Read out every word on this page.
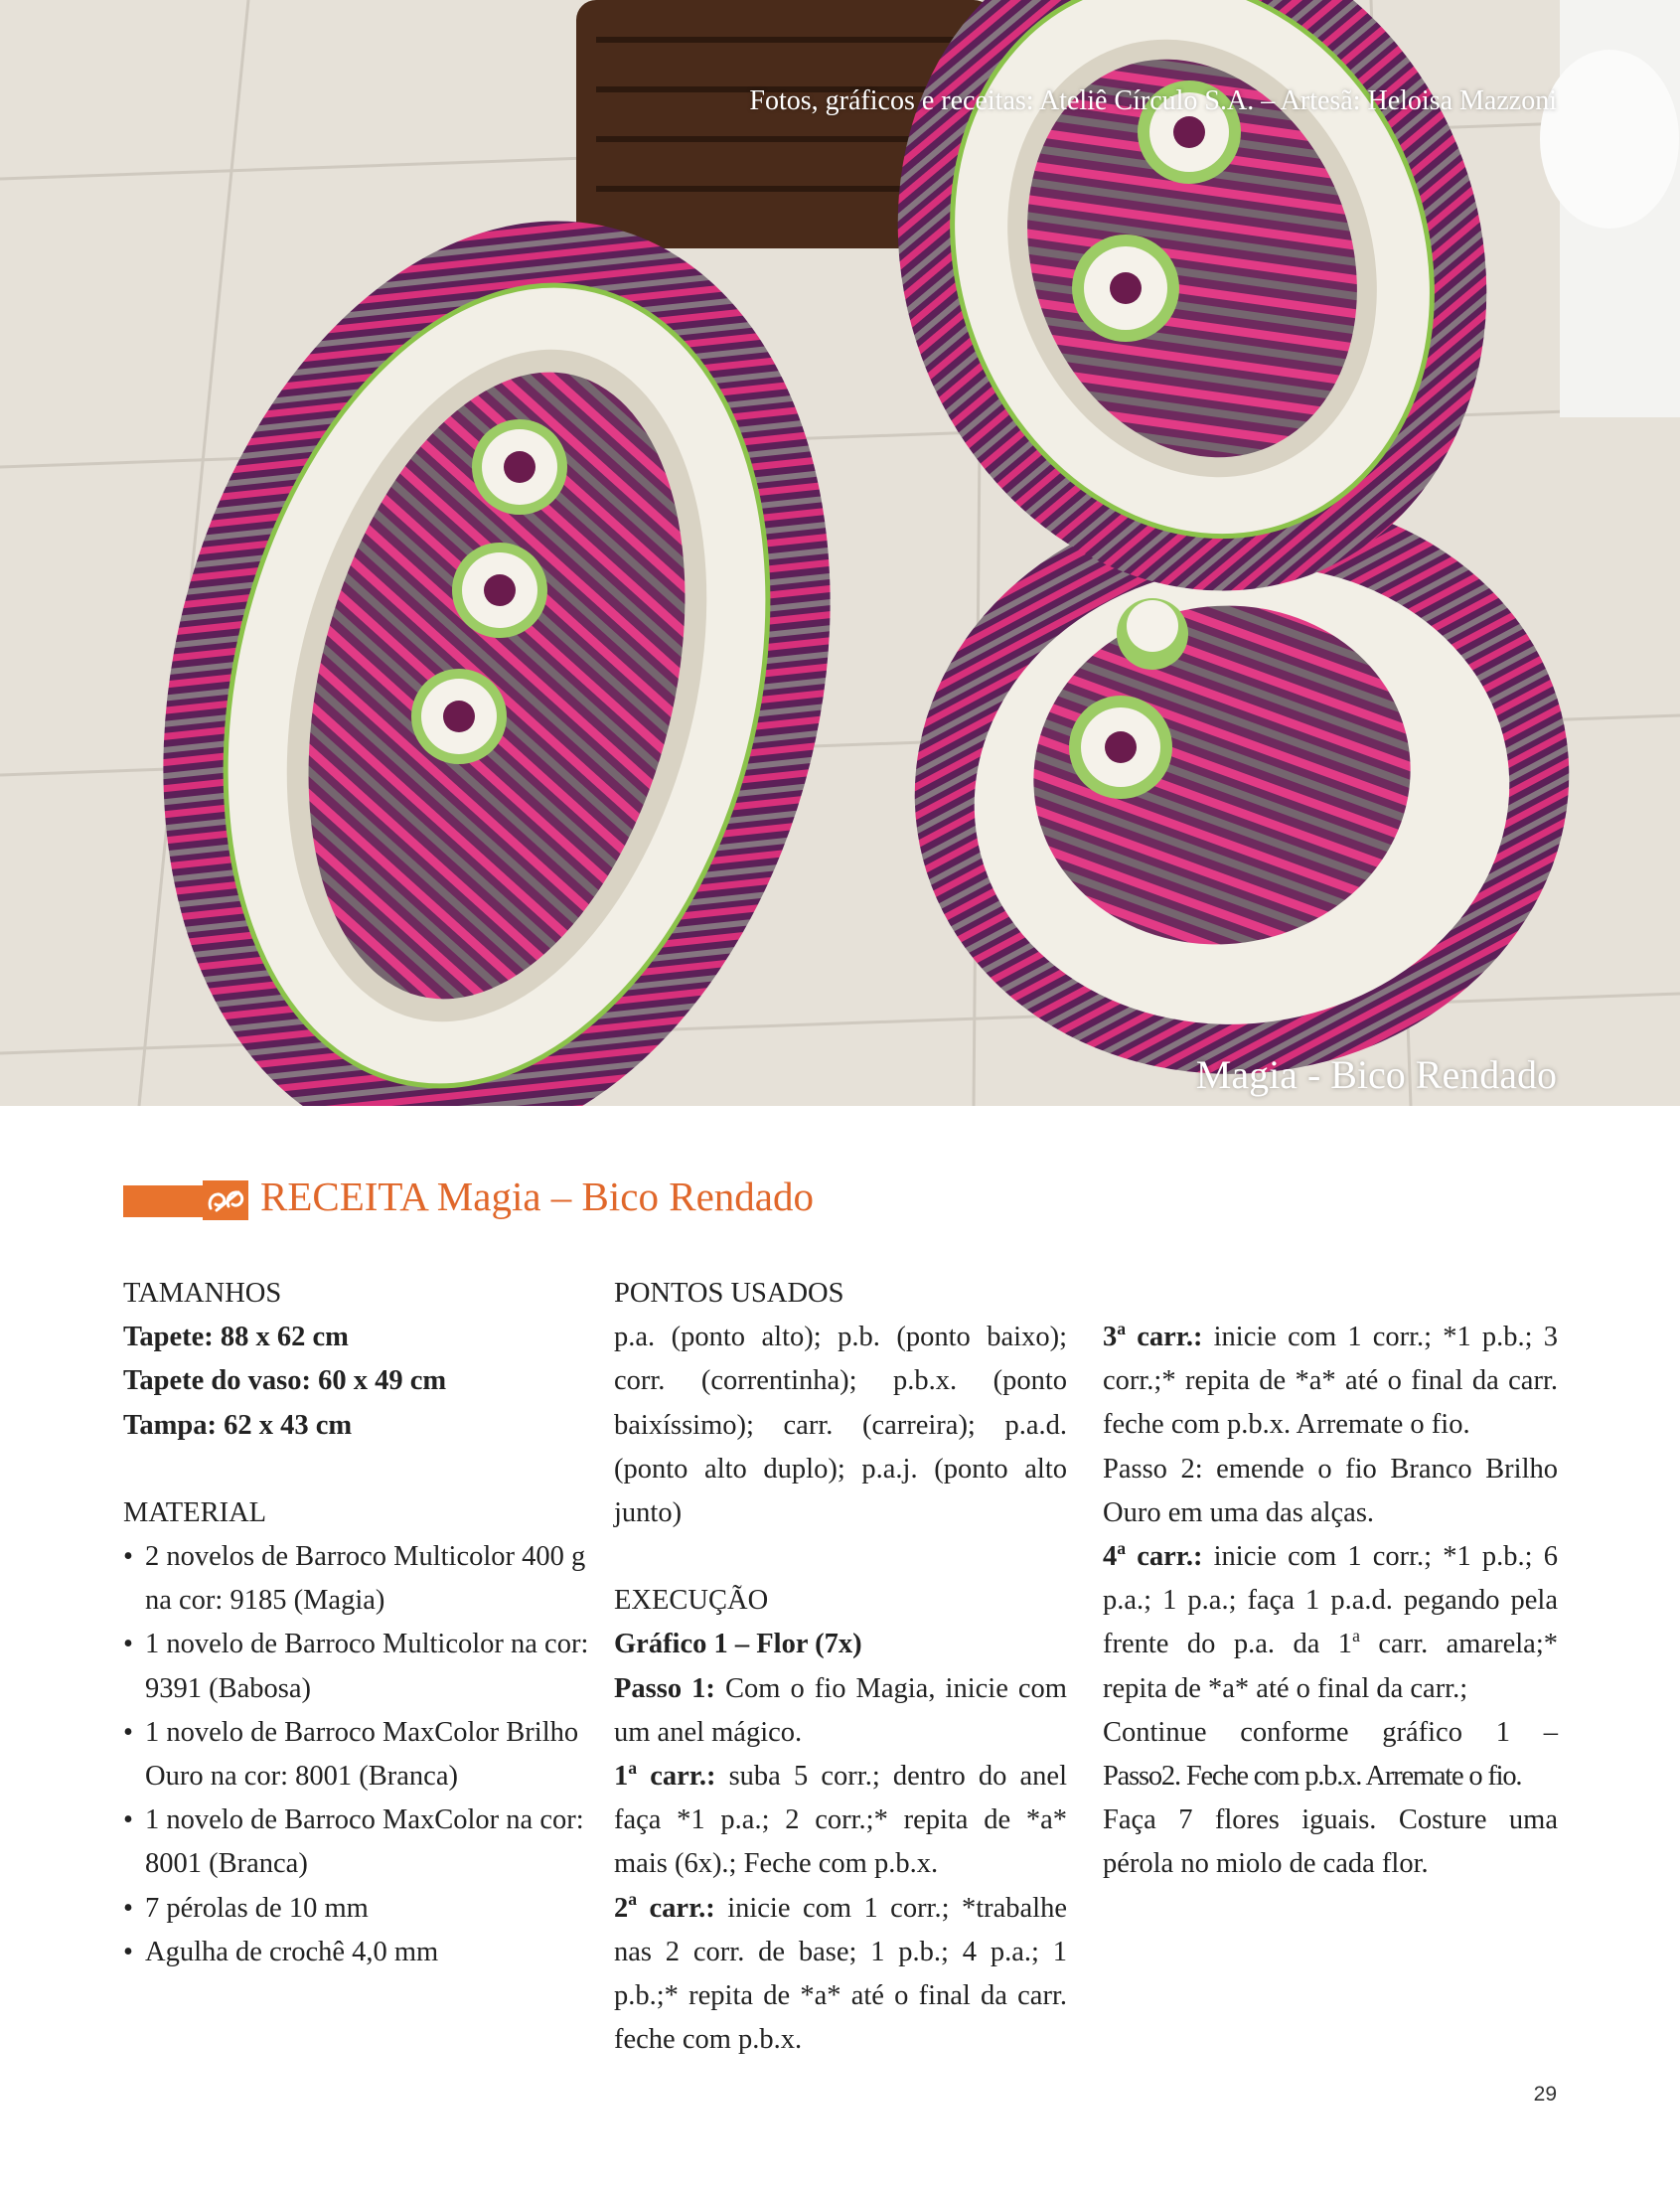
Fotos, gráficos e receitas: Ateliê Círculo S.A. – Artesã: Heloisa Mazzoni
Magia - Bico Rendado
RECEITA Magia – Bico Rendado

TAMANHOS

Tapete: 88 x 62 cm

Tapete do vaso: 60 x 49 cm

Tampa: 62 x 43 cm

MATERIAL

• 2 novelos de Barroco Multicolor 400 g na cor: 9185 (Magia)
• 1 novelo de Barroco Multicolor na cor: 9391 (Babosa)
• 1 novelo de Barroco MaxColor Brilho Ouro na cor: 8001 (Branca)
• 1 novelo de Barroco MaxColor na cor: 8001 (Branca)
• 7 pérolas de 10 mm
• Agulha de crochê 4,0 mm

PONTOS USADOS

p.a. (ponto alto); p.b. (ponto baixo); corr. (correntinha); p.b.x. (ponto baixíssimo); carr. (carreira); p.a.d. (ponto alto duplo); p.a.j. (ponto alto junto)

EXECUÇÃO

Gráfico 1 – Flor (7x)

Passo 1: Com o fio Magia, inicie com um anel mágico.

1$^a$ carr.: suba 5 corr.; dentro do anel faça *1 p.a.; 2 corr.;* repita de *a* mais (6x).; Feche com p.b.x.

2$^a$ carr.: inicie com 1 corr.; *trabalhe nas 2 corr. de base; 1 p.b.; 4 p.a.; 1 p.b.;* repita de *a* até o final da carr. feche com p.b.x.

3$^a$ carr.: inicie com 1 corr.; *1 p.b.; 3 corr.;* repita de *a* até o final da carr. feche com p.b.x. Arremate o fio.

Passo 2: emende o fio Branco Brilho Ouro em uma das alças.

4$^a$ carr.: inicie com 1 corr.; *1 p.b.; 6 p.a.; 1 p.a.; faça 1 p.a.d. pegando pela frente do p.a. da 1$^a$ carr. amarela;* repita de *a* até o final da carr.;

Continue conforme gráfico 1 –

Passo2. Feche com p.b.x. Arremate o fio.

Faça 7 flores iguais. Costure uma pérola no miolo de cada flor.

29
